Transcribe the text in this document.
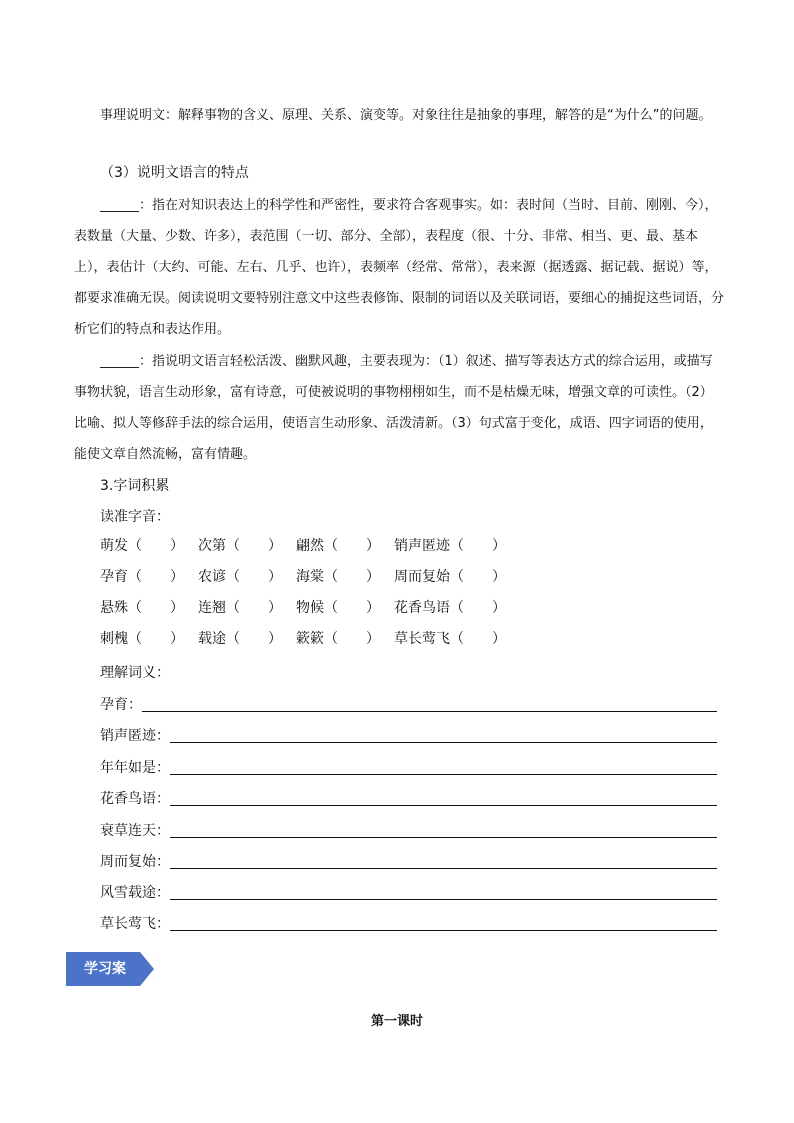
事理说明文：解释事物的含义、原理、关系、演变等。对象往往是抽象的事理，解答的是“为什么”的问题。

（3）说明文语言的特点

______：指在对知识表达上的科学性和严密性，要求符合客观事实。如：表时间（当时、目前、刚刚、今），表数量（大量、少数、许多），表范围（一切、部分、全部），表程度（很、十分、非常、相当、更、最、基本上），表估计（大约、可能、左右、几乎、也许），表频率（经常、常常），表来源（据透露、据记载、据说）等，都要求准确无误。阅读说明文要特别注意文中这些表修饰、限制的词语以及关联词语，要细心的捕捉这些词语，分析它们的特点和表达作用。

______：指说明文语言轻松活泼、幽默风趣，主要表现为：（1）叙述、描写等表达方式的综合运用，或描写事物状貌，语言生动形象，富有诗意，可使被说明的事物栩栩如生，而不是枯燥无味，增强文章的可读性。（2）比喻、拟人等修辞手法的综合运用，使语言生动形象、活泼清新。（3）句式富于变化，成语、四字词语的使用，能使文章自然流畅，富有情趣。

3.字词积累
读准字音：
萌发（　　）	次第（　　）	翩然（　　）	销声匿迹（　　）
孕育（　　）	农谚（　　）	海棠（　　）	周而复始（　　）
悬殊（　　）	连翘（　　）	物候（　　）	花香鸟语（　　）
刺槐（　　）	载途（　　）	簌簌（　　）	草长莺飞（　　）
理解词义：
孕育：
销声匿迹：
年年如是：
花香鸟语：
衰草连天：
周而复始：
风雪载途：
草长莺飞：
学习案
第一课时
